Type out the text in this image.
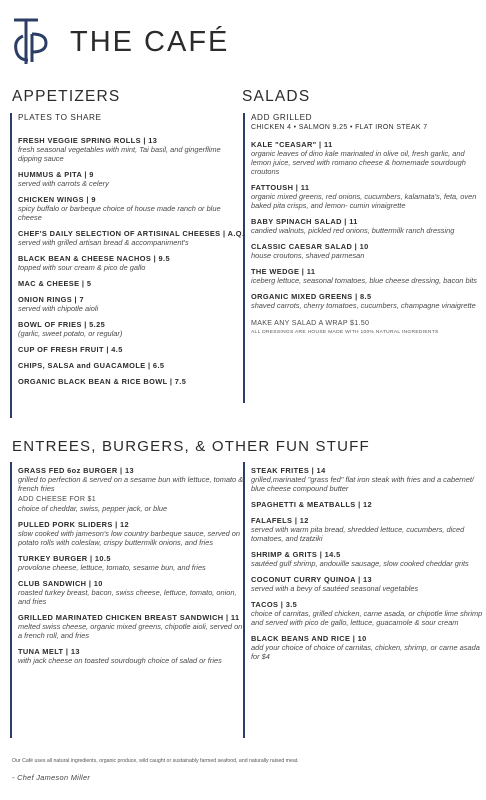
THE CAFÉ
APPETIZERS
PLATES TO SHARE
FRESH VEGGIE SPRING ROLLS | 13
fresh seasonal vegetables with mint, Tai basil, and gingerflime dipping sauce
HUMMUS & PITA | 9
served with carrots & celery
CHICKEN WINGS | 9
spicy buffalo or barbeque choice of house made ranch or blue cheese
CHEF'S DAILY SELECTION OF ARTISINAL CHEESES | A.Q.
served with grilled artisan bread & accompaniment's
BLACK BEAN & CHEESE NACHOS | 9.5
topped with sour cream & pico de gallo
MAC & CHEESE | 5
ONION RINGS | 7
served with chipotle aioli
BOWL OF FRIES | 5.25
(garlic, sweet potato, or regular)
CUP OF FRESH FRUIT | 4.5
CHIPS, SALSA and GUACAMOLE | 6.5
ORGANIC BLACK BEAN & RICE BOWL | 7.5
SALADS
ADD GRILLED
CHICKEN 4 • SALMON 9.25 • FLAT IRON STEAK 7
KALE "CEASAR" | 11
organic leaves of dino kale marinated in olive oil, fresh garlic, and lemon juice, served with romano cheese & homemade sourdough croutons
FATTOUSH | 11
organic mixed greens, red onions, cucumbers, kalamata's, feta, oven baked pita crisps, and lemon- cumin vinaigrette
BABY SPINACH SALAD | 11
candied walnuts, pickled red onions, buttermilk ranch dressing
CLASSIC CAESAR SALAD | 10
house croutons, shaved parmesan
THE WEDGE | 11
iceberg lettuce, seasonal tomatoes, blue cheese dressing, bacon bits
ORGANIC MIXED GREENS | 8.5
shaved carrots, cherry tomatoes, cucumbers, champagne vinaigrette
MAKE ANY SALAD A WRAP $1.50
ALL DRESSINGS ARE HOUSE MADE WITH 100% NATURAL INGREDIENTS
ENTREES, BURGERS, & OTHER FUN STUFF
GRASS FED 6oz BURGER | 13
grilled to perfection & served on a sesame bun with lettuce, tomato & french fries
ADD CHEESE FOR $1
choice of cheddar, swiss, pepper jack, or blue
PULLED PORK SLIDERS | 12
slow cooked with jameson's low country barbeque sauce, served on potato rolls with coleslaw, crispy buttermilk onions, and fries
TURKEY BURGER | 10.5
provolone cheese, lettuce, tomato, sesame bun, and fries
CLUB SANDWICH | 10
roasted turkey breast, bacon, swiss cheese, lettuce, tomato, onion, and fries
GRILLED MARINATED CHICKEN BREAST SANDWICH | 11
melted swiss cheese, organic mixed greens, chipotle aioli, served on a french roll, and fries
TUNA MELT | 13
with jack cheese on toasted sourdough choice of salad or fries
STEAK FRITES | 14
grilled,marinated "grass fed" flat iron steak with fries and a cabernet/ blue cheese compound butter
SPAGHETTI & MEATBALLS | 12
FALAFELS | 12
served with warm pita bread, shredded lettuce, cucumbers, diced tomatoes, and tzatziki
SHRIMP & GRITS | 14.5
sautéed gulf shrimp, andouille sausage, slow cooked cheddar grits
COCONUT CURRY QUINOA | 13
served with a bevy of sautéed seasonal vegetables
TACOS | 3.5
choice of carnitas, grilled chicken, carne asada, or chipotle lime shrimp and served with pico de gallo, lettuce, guacamole & sour cream
BLACK BEANS AND RICE | 10
add your choice of choice of carnitas, chicken, shrimp, or carne asada for $4
Our Café uses all natural ingredients, organic produce, wild caught or sustainably farmed seafood, and naturally raised meat.
- Chef Jameson Miller
